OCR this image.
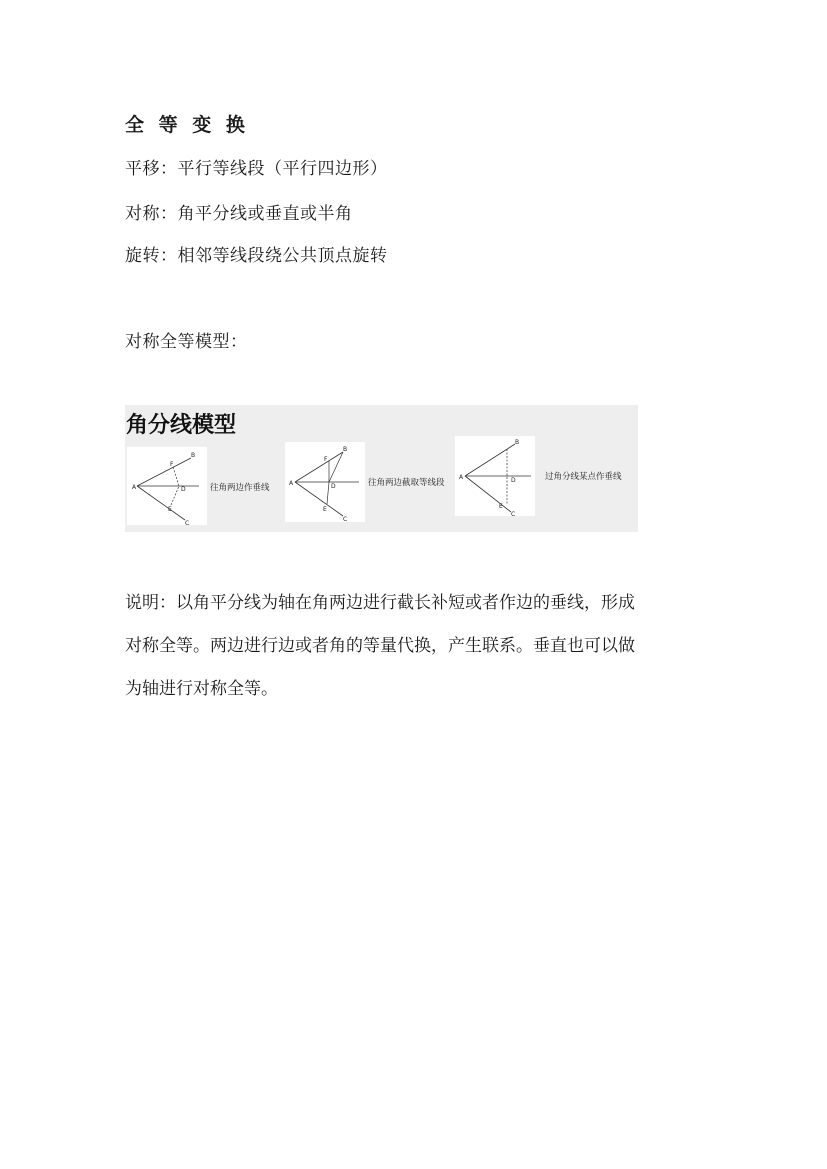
全 等 变 换
平移：平行等线段（平行四边形）
对称：角平分线或垂直或半角
旋转：相邻等线段绕公共顶点旋转
对称全等模型：
角分线模型
A
B
C
D
E
F
往角两边作垂线	A
B
C
D
E
F
往角两边截取等线段
A
B
C
D
E
过角分线某点作垂线
说明：以角平分线为轴在角两边进行截长补短或者作边的垂线，形成
对称全等。两边进行边或者角的等量代换，产生联系。垂直也可以做
为轴进行对称全等。
